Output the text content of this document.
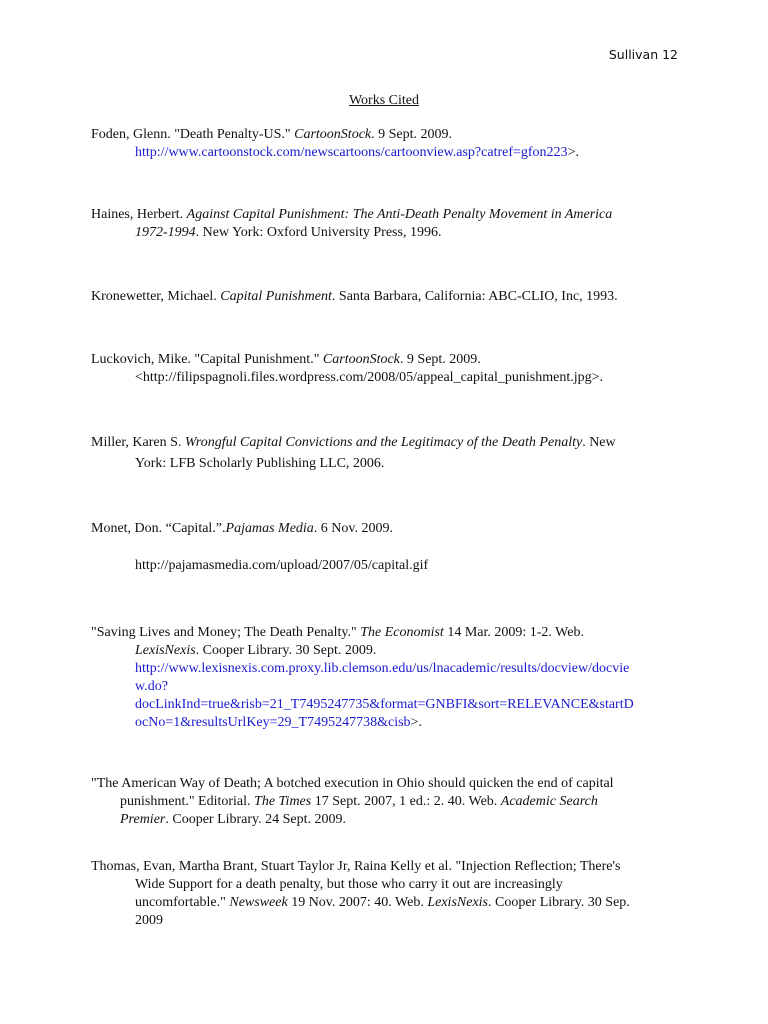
Sullivan 12
Works Cited
Foden, Glenn. "Death Penalty-US." CartoonStock. 9 Sept. 2009.
http://www.cartoonstock.com/newscartoons/cartoonview.asp?catref=gfon223>.
Haines, Herbert. Against Capital Punishment: The Anti-Death Penalty Movement in America
1972-1994. New York: Oxford University Press, 1996.
Kronewetter, Michael. Capital Punishment. Santa Barbara, California: ABC-CLIO, Inc, 1993.
Luckovich, Mike. "Capital Punishment." CartoonStock. 9 Sept. 2009.
<http://filipspagnoli.files.wordpress.com/2008/05/appeal_capital_punishment.jpg>.
Miller, Karen S. Wrongful Capital Convictions and the Legitimacy of the Death Penalty. New
York: LFB Scholarly Publishing LLC, 2006.
Monet, Don. “Capital.”.Pajamas Media. 6 Nov. 2009.
http://pajamasmedia.com/upload/2007/05/capital.gif
"Saving Lives and Money; The Death Penalty." The Economist 14 Mar. 2009: 1-2. Web.
LexisNexis. Cooper Library. 30 Sept. 2009.
http://www.lexisnexis.com.proxy.lib.clemson.edu/us/lnacademic/results/docview/docvie
w.do?
docLinkInd=true&risb=21_T7495247735&format=GNBFI&sort=RELEVANCE&startD
ocNo=1&resultsUrlKey=29_T7495247738&cisb>.
"The American Way of Death; A botched execution in Ohio should quicken the end of capital
punishment." Editorial. The Times 17 Sept. 2007, 1 ed.: 2. 40. Web. Academic Search
Premier. Cooper Library. 24 Sept. 2009.
Thomas, Evan, Martha Brant, Stuart Taylor Jr, Raina Kelly et al. "Injection Reflection; There's
Wide Support for a death penalty, but those who carry it out are increasingly
uncomfortable." Newsweek 19 Nov. 2007: 40. Web. LexisNexis. Cooper Library. 30 Sep.
2009
